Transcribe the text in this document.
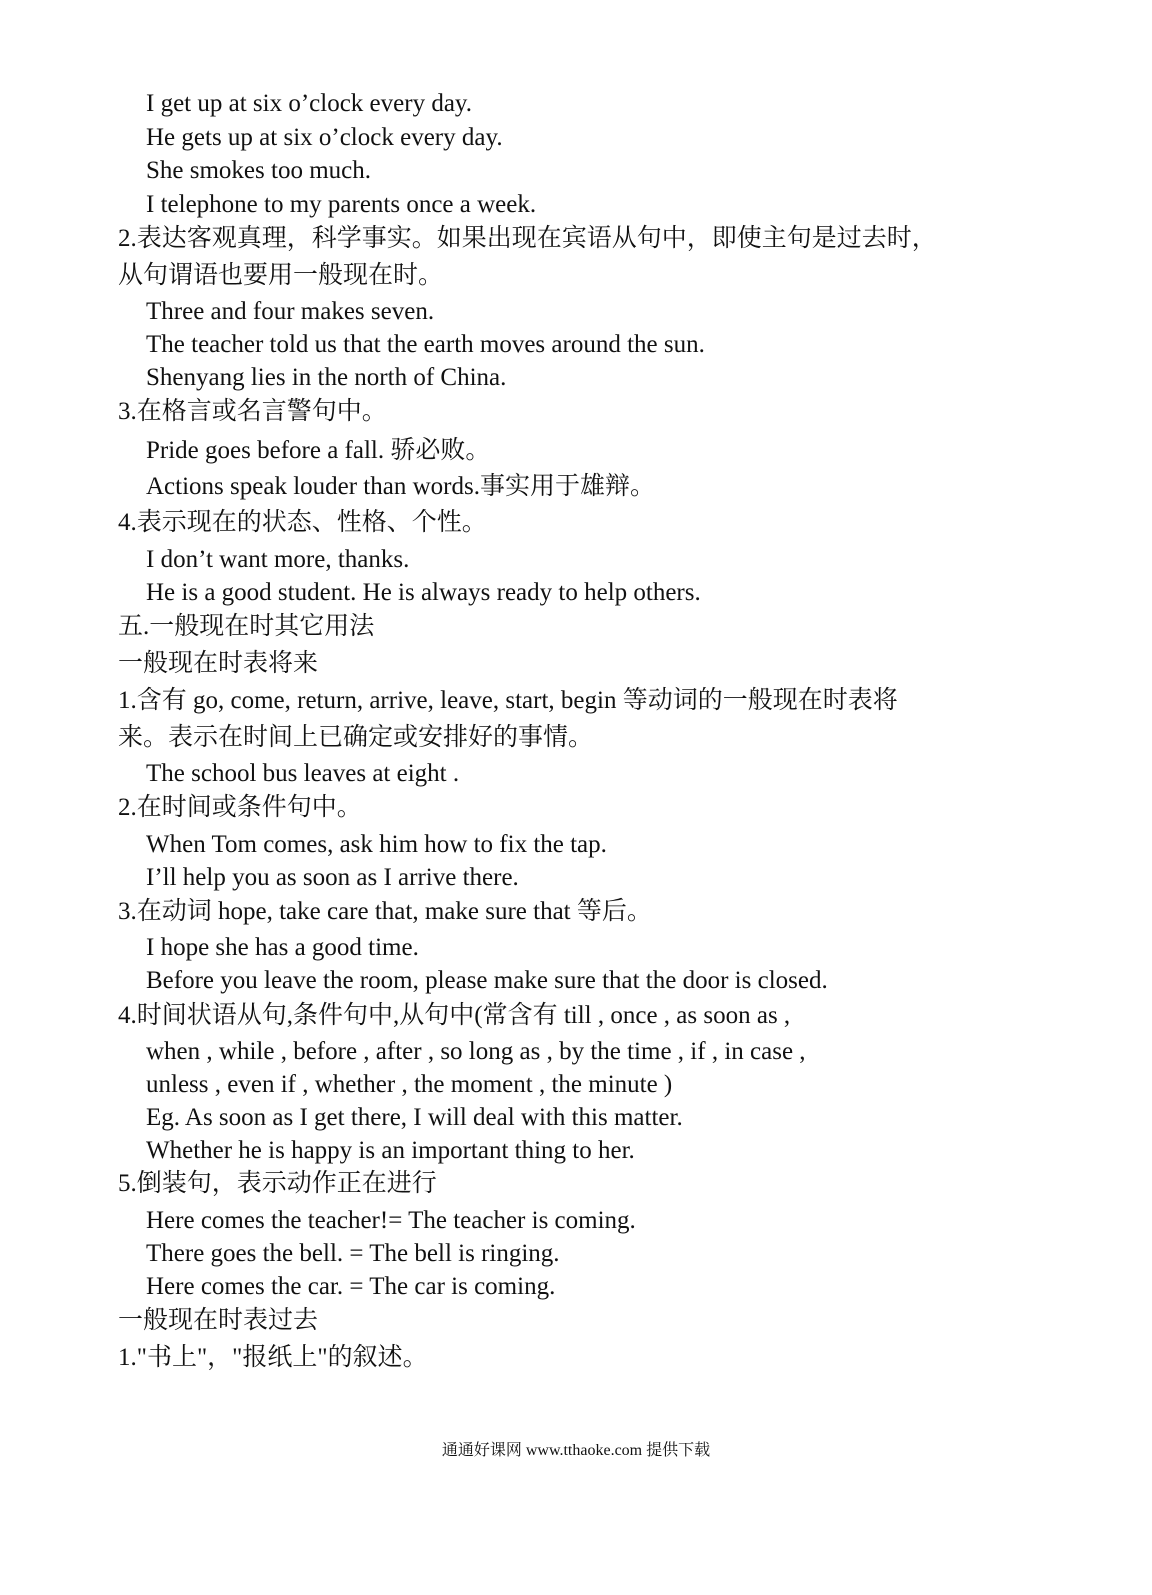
I get up at six o’clock every day.
He gets up at six o’clock every day.
She smokes too much.
I telephone to my parents once a week.
2.表达客观真理，科学事实。如果出现在宾语从句中，即使主句是过去时，
从句谓语也要用一般现在时。
Three and four makes seven.
The teacher told us that the earth moves around the sun.
Shenyang lies in the north of China.
3.在格言或名言警句中。
Pride goes before a fall. 骄必败。
Actions speak louder than words.事实用于雄辩。
4.表示现在的状态、性格、个性。
I don’t want more, thanks.
He is a good student. He is always ready to help others.
五.一般现在时其它用法
一般现在时表将来
1.含有 go, come, return, arrive, leave, start, begin 等动词的一般现在时表将
来。表示在时间上已确定或安排好的事情。
The school bus leaves at eight .
2.在时间或条件句中。
When Tom comes, ask him how to fix the tap.
I’ll help you as soon as I arrive there.
3.在动词 hope, take care that, make sure that 等后。
I hope she has a good time.
Before you leave the room, please make sure that the door is closed.
4.时间状语从句,条件句中,从句中(常含有 till , once , as soon as ,
when , while , before , after , so long as , by the time , if , in case ,
unless , even if , whether , the moment , the minute )
Eg. As soon as I get there, I will deal with this matter.
Whether he is happy is an important thing to her.
5.倒装句，表示动作正在进行
Here comes the teacher!= The teacher is coming.
There goes the bell. = The bell is ringing.
Here comes the car. = The car is coming.
一般现在时表过去
1."书上"，"报纸上"的叙述。
通通好课网 www.tthaoke.com 提供下载
